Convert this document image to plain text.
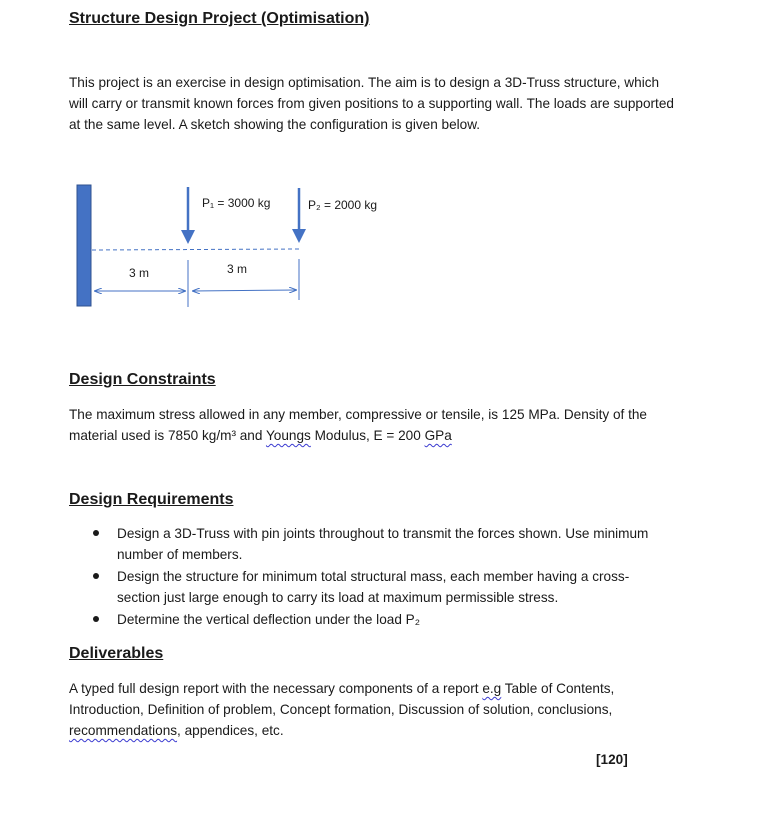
Structure Design Project (Optimisation)
This project is an exercise in design optimisation. The aim is to design a 3D-Truss structure, which will carry or transmit known forces from given positions to a supporting wall. The loads are supported at the same level. A sketch showing the configuration is given below.
P₁ = 3000 kg	P₂ = 2000 kg
3 m	3 m
Design Constraints
The maximum stress allowed in any member, compressive or tensile, is 125 MPa. Density of the material used is 7850 kg/m³ and Youngs Modulus, E = 200 GPa
Design Requirements
Design a 3D-Truss with pin joints throughout to transmit the forces shown. Use minimum number of members.
Design the structure for minimum total structural mass, each member having a cross-section just large enough to carry its load at maximum permissible stress.
Determine the vertical deflection under the load P₂
Deliverables
A typed full design report with the necessary components of a report e.g Table of Contents, Introduction, Definition of problem, Concept formation, Discussion of solution, conclusions, recommendations, appendices, etc.
[120]
